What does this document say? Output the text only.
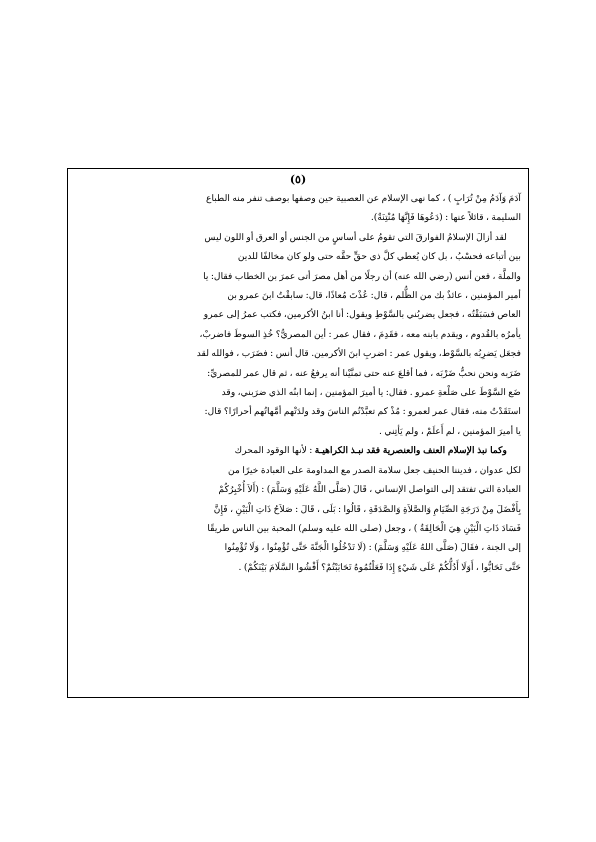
(٥)

آدَمَ وَآدَمُ مِنْ تُرَابٍ ) ، كما نهى الإسلام عن العصبية حين وصفها بوصف تنفر منه الطباع

السليمة ، قائلاً عنها : (دَعُوهَا فَإِنَّهَا مُنْتِنَةٌ).

لقد أزالَ الإسلامُ الفوارقَ التي تقومُ على أساسٍ من الجنس أو العرق أو اللون ليس

بين أتباعه فحسْبُ ، بل كان يُعطي كلَّ ذي حقٍّ حقَّه حتى ولو كان مخالفًا للدين

والملَّة ، فعن أنس (رضي الله عنه) أن رجلًا من أهل مصرَ أتى عمرَ بن الخطاب فقال: يا

أمير المؤمنين ، عائذٌ بك من الظُّلم ، قال: عُذْتَ مُعاذًا، قال: سابقْتُ ابنَ عمرو بن

العاص فسَبَقْتُه ، فجعل يضربُني بالسَّوْطِ ويقول: أنا ابنُ الأكرمين، فكتب عمرُ إلى عمرو

يأمرُه بالقُدوم ، ويقدم بابنه معه ، فقَدِمَ ، فقال عمر : أين المصريُّ؟ خُذِ السوطَ فاضربْ،

فجعَل يَضرِبُه بالسَّوْط، ويقول عمر : اضربِ ابنَ الأكرمين. قال أنس : فضَرَب ، فوالله لقد

ضَرَبه ونحن نحبُّ ضَرْبَه ، فما أقلعَ عنه حتى تمنَّيْنا أنه يرفعُ عنه ، ثم قال عمر للمصريِّ:

ضَع السَّوْطَ على صَلْعةِ عمرو . فقال: يا أميرَ المؤمنين ، إنما ابنُه الذي ضرَبني، وقد

استَقَدْتُ منه، فقال عمر لعمرو : مُذْ كم تعبَّدْتُم الناسَ وقد ولدَتْهم أمَّهاتُهم أحرارًا؟ قال:

يا أميرَ المؤمنين ، لم أَعلَمْ ، ولم يَأتِني .

وكما نبذ الإسلام العنف والعنصرية فقد نبـذ الكراهيـة : لأنها الوقود المحرك

لكل عدوان ، فديننا الحنيف جعل سلامة الصدر مع المداومة على العبادة خيرًا من

العبادة التي تفتقد إلى التواصل الإنساني ، قَالَ (صَلَّى اللَّهُ عَلَيْهِ وَسَلَّمَ) : (أَلاَ أُخْبِرُكُمْ

بِأَفْضَلَ مِنْ دَرَجَةِ الصِّيَامِ وَالصَّلاَةِ وَالصَّدَقَةِ ، قَالُوا : بَلَى ، قَالَ : صَلاَحُ ذَاتِ الْبَيْنِ ، فَإِنَّ

فَسَادَ ذَاتِ الْبَيْنِ هِيَ الْحَالِقَةُ ) ، وجعل (صلى الله عليه وسلم) المحبة بين الناس طريقًا

إلى الجنة ، فقَالَ (صَلَّى اللهُ عَلَيْهِ وَسَلَّمَ) : (لَا تَدْخُلُوا الْجَنَّةَ حَتَّى تُؤْمِنُوا ، وَلَا تُؤْمِنُوا

حَتَّى تَحَابُّوا ، أَوَلَا أَدُلُّكُمْ عَلَى شَيْءٍ إِذَا فَعَلْتُمُوهُ تَحَابَبْتُمْ؟ أَفْشُوا السَّلَامَ بَيْنَكُمْ) .
